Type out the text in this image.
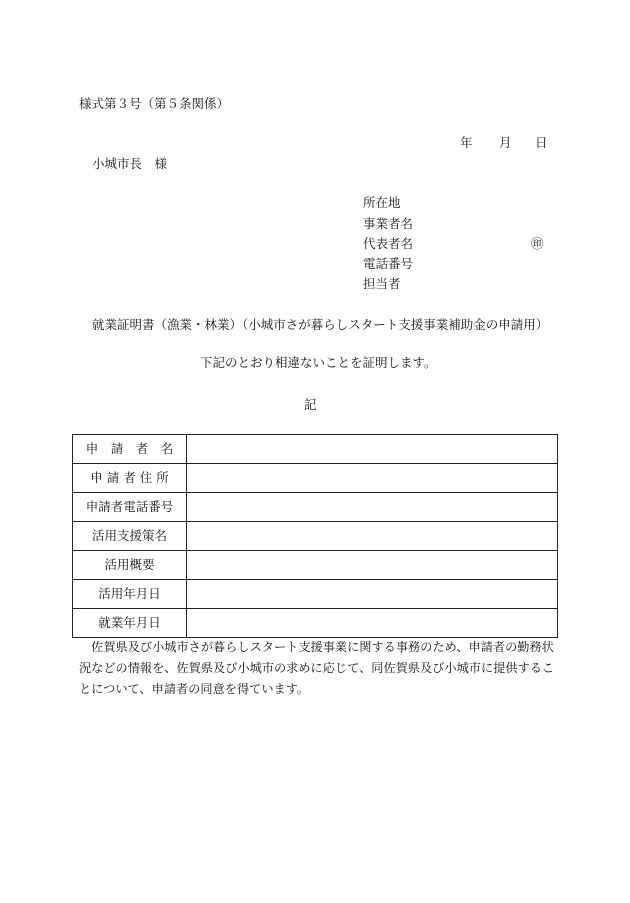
様式第３号（第５条関係）
年 月 日
小城市長　様
所在地
事業者名
代表者名
電話番号
担当者
㊞
就業証明書（漁業・林業）（小城市さが暮らしスタート支援事業補助金の申請用）
下記のとおり相違ないことを証明します。
記
申　請　者　名	
申 請 者 住 所	
申請者電話番号	
活用支援策名	
活用概要	
活用年月日	
就業年月日	
　佐賀県及び小城市さが暮らしスタート支援事業に関する事務のため、申請者の勤務状況などの情報を、佐賀県及び小城市の求めに応じて、同佐賀県及び小城市に提供することについて、申請者の同意を得ています。
